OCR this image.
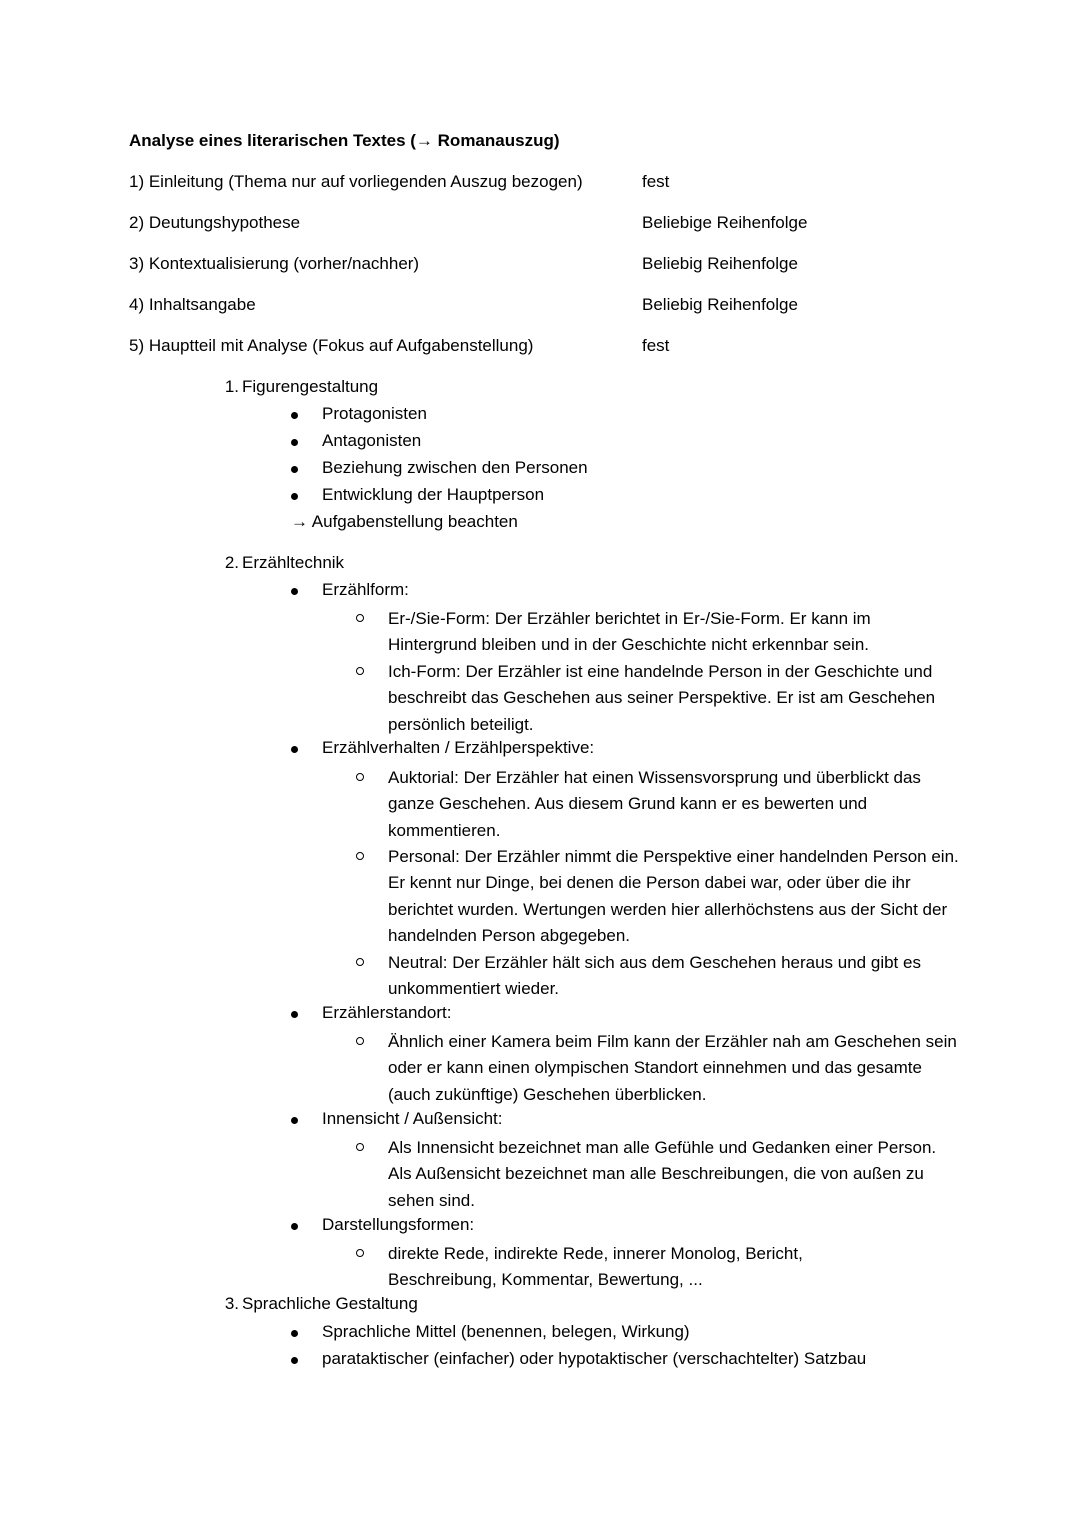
Analyse eines literarischen Textes (→ Romanauszug)
1) Einleitung (Thema nur auf vorliegenden Auszug bezogen)	fest
2) Deutungshypothese	Beliebige Reihenfolge
3) Kontextualisierung (vorher/nachher)	Beliebig Reihenfolge
4) Inhaltsangabe	Beliebig Reihenfolge
5) Hauptteil mit Analyse (Fokus auf Aufgabenstellung)	fest
1. Figurengestaltung
Protagonisten
Antagonisten
Beziehung zwischen den Personen
Entwicklung der Hauptperson
→ Aufgabenstellung beachten
2. Erzähltechnik
Erzählform:
Er-/Sie-Form: Der Erzähler berichtet in Er-/Sie-Form. Er kann im Hintergrund bleiben und in der Geschichte nicht erkennbar sein.
Ich-Form: Der Erzähler ist eine handelnde Person in der Geschichte und beschreibt das Geschehen aus seiner Perspektive. Er ist am Geschehen persönlich beteiligt.
Erzählverhalten / Erzählperspektive:
Auktorial: Der Erzähler hat einen Wissensvorsprung und überblickt das ganze Geschehen. Aus diesem Grund kann er es bewerten und kommentieren.
Personal: Der Erzähler nimmt die Perspektive einer handelnden Person ein. Er kennt nur Dinge, bei denen die Person dabei war, oder über die ihr berichtet wurden. Wertungen werden hier allerhöchstens aus der Sicht der handelnden Person abgegeben.
Neutral: Der Erzähler hält sich aus dem Geschehen heraus und gibt es unkommentiert wieder.
Erzählerstandort:
Ähnlich einer Kamera beim Film kann der Erzähler nah am Geschehen sein oder er kann einen olympischen Standort einnehmen und das gesamte (auch zukünftige) Geschehen überblicken.
Innensicht / Außensicht:
Als Innensicht bezeichnet man alle Gefühle und Gedanken einer Person. Als Außensicht bezeichnet man alle Beschreibungen, die von außen zu sehen sind.
Darstellungsformen:
direkte Rede, indirekte Rede, innerer Monolog, Bericht, Beschreibung, Kommentar, Bewertung, ...
3. Sprachliche Gestaltung
Sprachliche Mittel (benennen, belegen, Wirkung)
parataktischer (einfacher) oder hypotaktischer (verschachtelter) Satzbau
